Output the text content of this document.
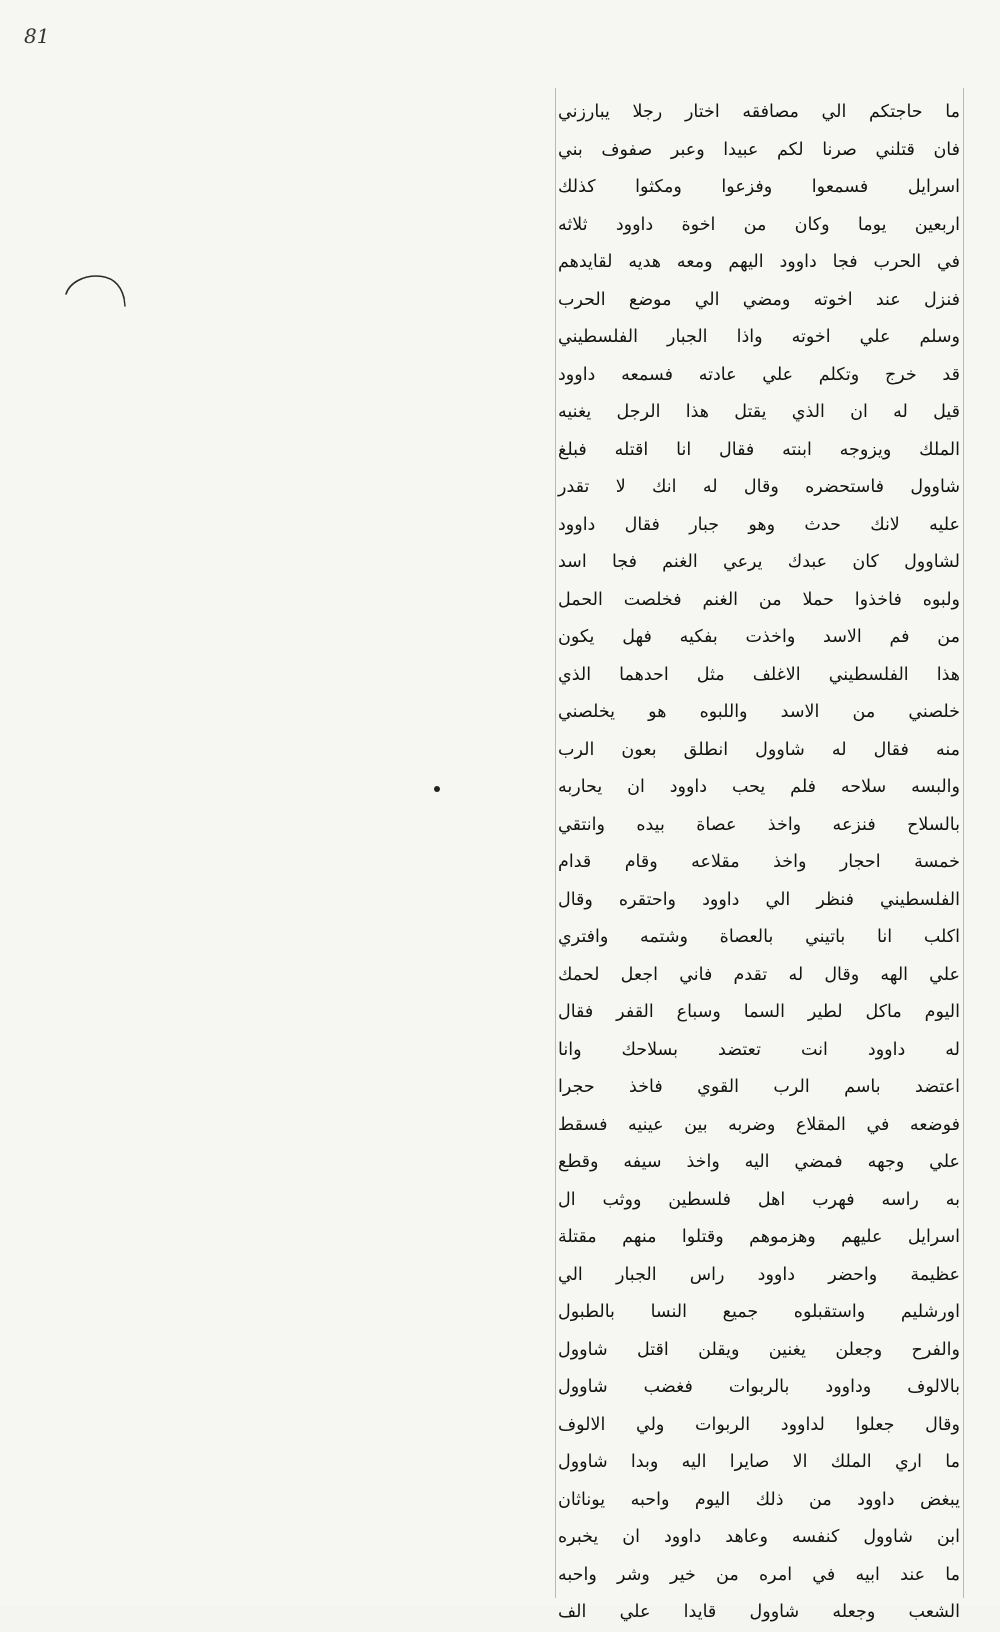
81
ما حاجتكم الي مصافقه اختار رجلا يبارزني
فان قتلني صرنا لكم عبيدا وعبر صفوف بني
اسرايل فسمعوا وفزعوا ومكثوا كذلك
اربعين يوما وكان من اخوة داوود ثلاثه
في الحرب فجا داوود اليهم ومعه هديه لقايدهم
فنزل عند اخوته ومضي الي موضع الحرب
وسلم علي اخوته واذا الجبار الفلسطيني
قد خرج وتكلم علي عادته فسمعه داوود
قيل له ان الذي يقتل هذا الرجل يغنيه
الملك ويزوجه ابنته فقال انا اقتله فبلغ
شاوول فاستحضره وقال له انك لا تقدر
عليه لانك حدث وهو جبار فقال داوود
لشاوول كان عبدك يرعي الغنم فجا اسد
ولبوه فاخذوا حملا من الغنم فخلصت الحمل
من فم الاسد واخذت بفكيه فهل يكون
هذا الفلسطيني الاغلف مثل احدهما الذي
خلصني من الاسد واللبوه هو يخلصني
منه فقال له شاوول انطلق بعون الرب
والبسه سلاحه فلم يحب داوود ان يحاربه
بالسلاح فنزعه واخذ عصاة بيده وانتقي
خمسة احجار واخذ مقلاعه وقام قدام
الفلسطيني فنظر الي داوود واحتقره وقال
اكلب انا باتيني بالعصاة وشتمه وافتري
علي الهه وقال له تقدم فاني اجعل لحمك
اليوم ماكل لطير السما وسباع القفر فقال
له داوود انت تعتضد بسلاحك وانا
اعتضد باسم الرب القوي فاخذ حجرا
فوضعه في المقلاع وضربه بين عينيه فسقط
علي وجهه فمضي اليه واخذ سيفه وقطع
به راسه فهرب اهل فلسطين ووثب ال
اسرايل عليهم وهزموهم وقتلوا منهم مقتلة
عظيمة واحضر داوود راس الجبار الي
اورشليم واستقبلوه جميع النسا بالطبول
والفرح وجعلن يغنين ويقلن اقتل شاوول
بالالوف وداوود بالربوات فغضب شاوول
وقال جعلوا لداوود الربوات ولي الالوف
ما اري الملك الا صايرا اليه وبدا شاوول
يبغض داوود من ذلك اليوم واحبه يوناثان
ابن شاوول كنفسه وعاهد داوود ان يخبره
ما عند ابيه في امره من خير وشر واحبه
الشعب وجعله شاوول قايدا علي الف
